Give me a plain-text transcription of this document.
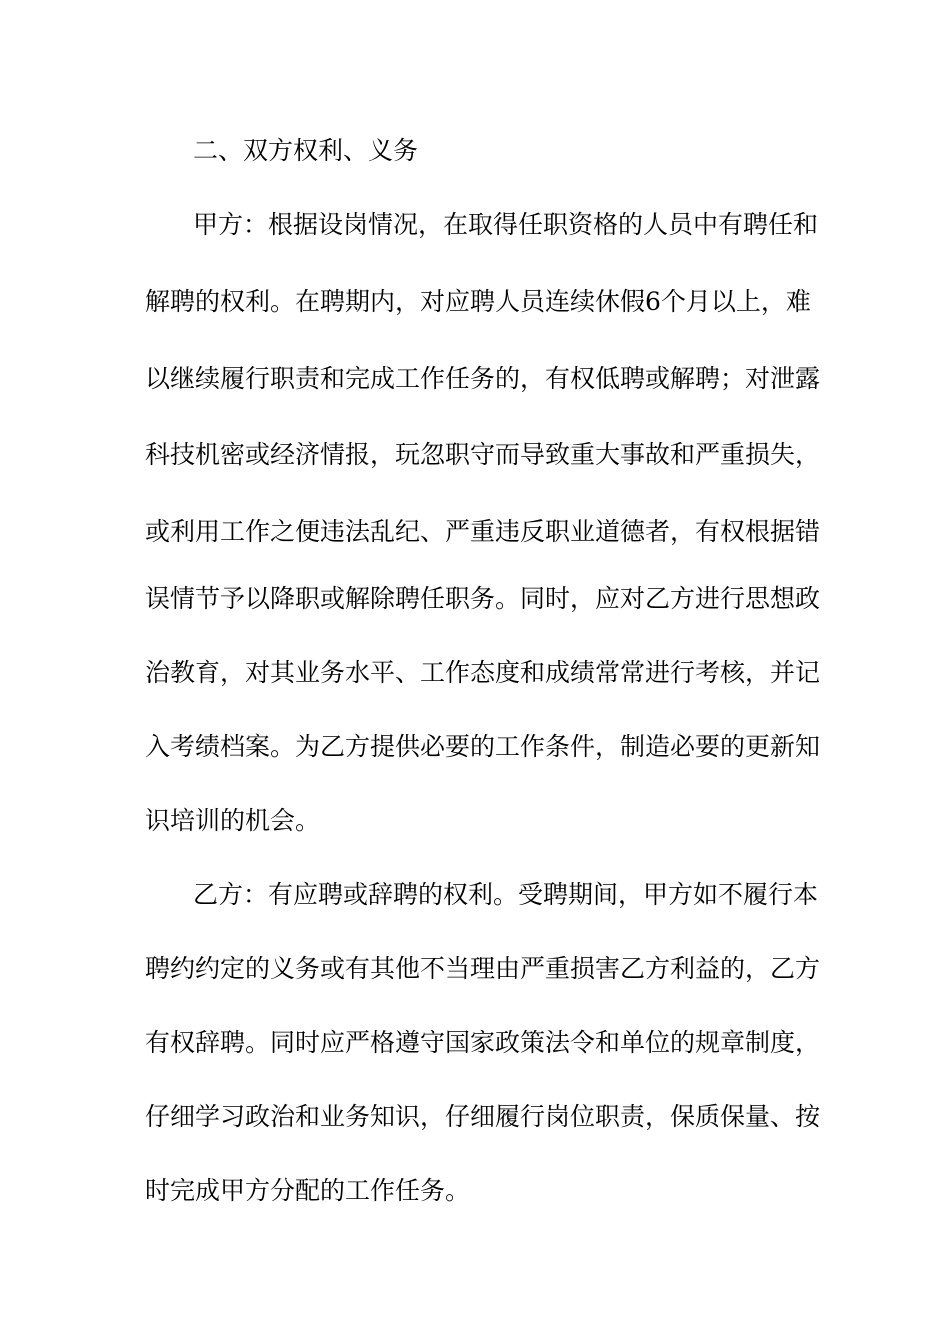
二、双方权利、义务
甲方：根据设岗情况，在取得任职资格的人员中有聘任和
解聘的权利。在聘期内，对应聘人员连续休假6个月以上，难
以继续履行职责和完成工作任务的，有权低聘或解聘；对泄露
科技机密或经济情报，玩忽职守而导致重大事故和严重损失，
或利用工作之便违法乱纪、严重违反职业道德者，有权根据错
误情节予以降职或解除聘任职务。同时，应对乙方进行思想政
治教育，对其业务水平、工作态度和成绩常常进行考核，并记
入考绩档案。为乙方提供必要的工作条件，制造必要的更新知
识培训的机会。
乙方：有应聘或辞聘的权利。受聘期间，甲方如不履行本
聘约约定的义务或有其他不当理由严重损害乙方利益的，乙方
有权辞聘。同时应严格遵守国家政策法令和单位的规章制度，
仔细学习政治和业务知识，仔细履行岗位职责，保质保量、按
时完成甲方分配的工作任务。
